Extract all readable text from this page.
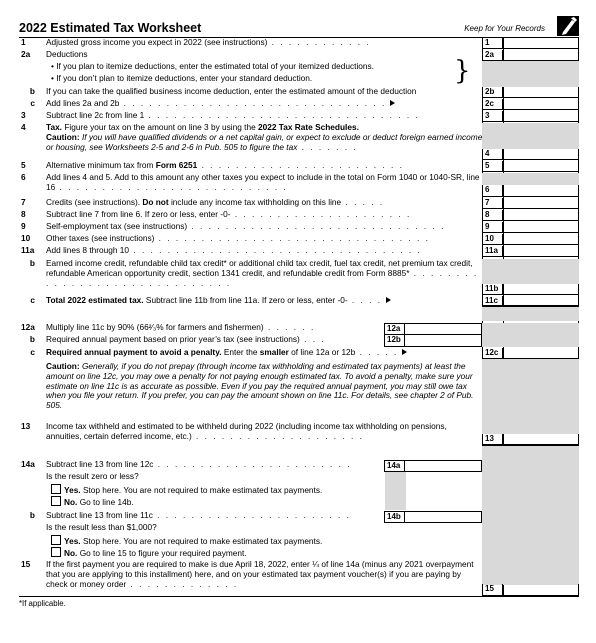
2022 Estimated Tax Worksheet	Keep for Your Records
1	Adjusted gross income you expect in 2022 (see instructions) . . . . . . . . . . . .	1
2a	Deductions
• If you plan to itemize deductions, enter the estimated total of your itemized deductions.
• If you don’t plan to itemize deductions, enter your standard deduction.
2a
}
b If you can take the qualified business income deduction, enter the estimated amount of the deduction	2b
c Add lines 2a and 2b . . . . . . . . . . . . . . . . . . . . . . . . . . . . . . .	2c
3	Subtract line 2c from line 1 . . . . . . . . . . . . . . . . . . . . . . . . . . . . . . . .	3
4	Tax. Figure your tax on the amount on line 3 by using the 2022 Tax Rate Schedules.
Caution: If you will have qualified dividends or a net capital gain, or expect to exclude or deduct foreign earned income or housing, see Worksheets 2-5 and 2-6 in Pub. 505 to figure the tax . . . . . . .
4
5	Alternative minimum tax from Form 6251 . . . . . . . . . . . . . . . . . . . . . . . .	5
6	Add lines 4 and 5. Add to this amount any other taxes you expect to include in the total on Form 1040 or 1040-SR, line 16 . . . . . . . . . . . . . . . . . . . . . . . . . . .	6
7	Credits (see instructions). Do not include any income tax withholding on this line . . . . .	7
8	Subtract line 7 from line 6. If zero or less, enter -0- . . . . . . . . . . . . . . . . . . . . .	8
9	Self-employment tax (see instructions) . . . . . . . . . . . . . . . . . . . . . . . . . . . . . .	9
10	Other taxes (see instructions) . . . . . . . . . . . . . . . . . . . . . . . . . . . . . . . .	10
11a	Add lines 8 through 10 . . . . . . . . . . . . . . . . . . . . . . . . . . . . . . . . . .	11a
b Earned income credit, refundable child tax credit* or additional child tax credit, fuel tax credit, net premium tax credit, refundable American opportunity credit, section 1341 credit, and refundable credit from Form 8885* . . . . . . . . . . . . . . . . . . . . . . . . . . . . . .
11b
c Total 2022 estimated tax. Subtract line 11b from line 11a. If zero or less, enter -0- . . . .	11c
12a	Multiply line 11c by 90% (66²⁄₃% for farmers and fishermen) . . . . . .	12a
b Required annual payment based on prior year’s tax (see instructions) . . .	12b
c Required annual payment to avoid a penalty. Enter the smaller of line 12a or 12b . . . . .	12c
Caution: Generally, if you do not prepay (through income tax withholding and estimated tax payments) at least the amount on line 12c, you may owe a penalty for not paying enough estimated tax. To avoid a penalty, make sure your estimate on line 11c is as accurate as possible. Even if you pay the required annual payment, you may still owe tax when you file your return. If you prefer, you can pay the amount shown on line 11c. For details, see chapter 2 of Pub. 505.
13	Income tax withheld and estimated to be withheld during 2022 (including income tax withholding on pensions, annuities, certain deferred income, etc.) . . . . . . . . . . . . . . . . . . . .	13
14a	Subtract line 13 from line 12c . . . . . . . . . . . . . . . . . . . . . . .	14a
Is the result zero or less?
Yes. Stop here. You are not required to make estimated tax payments.
No. Go to line 14b.
b Subtract line 13 from line 11c . . . . . . . . . . . . . . . . . . . . . . .	14b
Is the result less than $1,000?
Yes. Stop here. You are not required to make estimated tax payments.
No. Go to line 15 to figure your required payment.
15	If the first payment you are required to make is due April 18, 2022, enter ¼ of line 14a (minus any 2021 overpayment that you are applying to this installment) here, and on your estimated tax payment voucher(s) if you are paying by check or money order . . . . . . . . . . . . .	15
*If applicable.
